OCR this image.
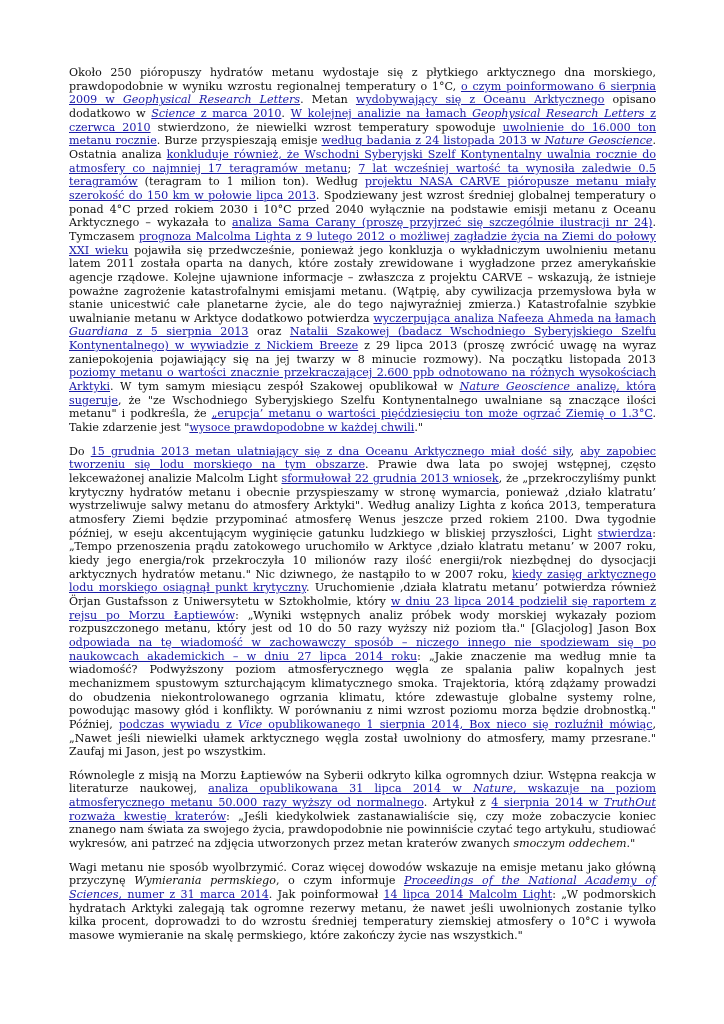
Około 250 pióropuszy hydratów metanu wydostaje się z płytkiego arktycznego dna morskiego, prawdopodobnie w wyniku wzrostu regionalnej temperatury o 1°C, o czym poinformowano 6 sierpnia 2009 w Geophysical Research Letters. Metan wydobywający się z Oceanu Arktycznego opisano dodatkowo w Science z marca 2010. W kolejnej analizie na łamach Geophysical Research Letters z czerwca 2010 stwierdzono, że niewielki wzrost temperatury spowoduje uwolnienie do 16.000 ton metanu rocznie. Burze przyspieszają emisje według badania z 24 listopada 2013 w Nature Geoscience. Ostatnia analiza konkluduje również, że Wschodni Syberyjski Szelf Kontynentalny uwalnia rocznie do atmosfery co najmniej 17 teragramów metanu; 7 lat wcześniej wartość ta wynosiła zaledwie 0.5 teragramów (teragram to 1 milion ton). Według projektu NASA CARVE pióropusze metanu miały szerokość do 150 km w połowie lipca 2013. Spodziewany jest wzrost średniej globalnej temperatury o ponad 4°C przed rokiem 2030 i 10°C przed 2040 wyłącznie na podstawie emisji metanu z Oceanu Arktycznego – wykazała to analiza Sama Carany (proszę przyjrzeć się szczególnie ilustracji nr 24). Tymczasem prognoza Malcolma Lighta z 9 lutego 2012 o możliwej zagładzie życia na Ziemi do połowy XXI wieku pojawiła się przedwcześnie, ponieważ jego konkluzja o wykładniczym uwolnieniu metanu latem 2011 została oparta na danych, które zostały zrewidowane i wygładzone przez amerykańskie agencje rządowe. Kolejne ujawnione informacje – zwłaszcza z projektu CARVE – wskazują, że istnieje poważne zagrożenie katastrofalnymi emisjami metanu. (Wątpię, aby cywilizacja przemysłowa była w stanie unicestwić całe planetarne życie, ale do tego najwyraźniej zmierza.) Katastrofalnie szybkie uwalnianie metanu w Arktyce dodatkowo potwierdza wyczerpująca analiza Nafeeza Ahmeda na łamach Guardiana z 5 sierpnia 2013 oraz Natalii Szakowej (badacz Wschodniego Syberyjskiego Szelfu Kontynentalnego) w wywiadzie z Nickiem Breeze z 29 lipca 2013 (proszę zwrócić uwagę na wyraz zaniepokojenia pojawiający się na jej twarzy w 8 minucie rozmowy). Na początku listopada 2013 poziomy metanu o wartości znacznie przekraczającej 2.600 ppb odnotowano na różnych wysokościach Arktyki. W tym samym miesiącu zespół Szakowej opublikował w Nature Geoscience analizę, która sugeruje, że "ze Wschodniego Syberyjskiego Szelfu Kontynentalnego uwalniane są znaczące ilości metanu" i podkreśla, że „erupcja’ metanu o wartości pięćdziesięciu ton może ogrzać Ziemię o 1.3°C. Takie zdarzenie jest "wysoce prawdopodobne w każdej chwili."

Do 15 grudnia 2013 metan ulatniający się z dna Oceanu Arktycznego miał dość siły, aby zapobiec tworzeniu się lodu morskiego na tym obszarze. Prawie dwa lata po swojej wstępnej, często lekceważonej analizie Malcolm Light sformułował 22 grudnia 2013 wniosek, że „przekroczyliśmy punkt krytyczny hydratów metanu i obecnie przyspieszamy w stronę wymarcia, ponieważ ‚działo klatratu’ wystrzeliwuje salwy metanu do atmosfery Arktyki". Według analizy Lighta z końca 2013, temperatura atmosfery Ziemi będzie przypominać atmosferę Wenus jeszcze przed rokiem 2100. Dwa tygodnie później, w eseju akcentującym wyginięcie gatunku ludzkiego w bliskiej przyszłości, Light stwierdza: „Tempo przenoszenia prądu zatokowego uruchomiło w Arktyce ‚działo klatratu metanu’ w 2007 roku, kiedy jego energia/rok przekroczyła 10 milionów razy ilość energii/rok niezbędnej do dysocjacji arktycznych hydratów metanu." Nic dziwnego, że nastąpiło to w 2007 roku, kiedy zasięg arktycznego lodu morskiego osiągnął punkt krytyczny. Uruchomienie ‚działa klatratu metanu’ potwierdza również Örjan Gustafsson z Uniwersytetu w Sztokholmie, który w dniu 23 lipca 2014 podzielił się raportem z rejsu po Morzu Łaptiewów: „Wyniki wstępnych analiz próbek wody morskiej wykazały poziom rozpuszczonego metanu, który jest od 10 do 50 razy wyższy niż poziom tła." [Glacjolog] Jason Box odpowiada na tę wiadomość w zachowawczy sposób – niczego innego nie spodziewam się po naukowcach akademickich – w dniu 27 lipca 2014 roku: „Jakie znaczenie ma według mnie ta wiadomość? Podwyższony poziom atmosferycznego węgla ze spalania paliw kopalnych jest mechanizmem spustowym szturchającym klimatycznego smoka. Trajektoria, którą zdążamy prowadzi do obudzenia niekontrolowanego ogrzania klimatu, które zdewastuje globalne systemy rolne, powodując masowy głód i konflikty. W porównaniu z nimi wzrost poziomu morza będzie drobnostką." Później, podczas wywiadu z Vice opublikowanego 1 sierpnia 2014, Box nieco się rozluźnił mówiąc, „Nawet jeśli niewielki ułamek arktycznego węgla został uwolniony do atmosfery, mamy przesrane." Zaufaj mi Jason, jest po wszystkim.

Równolegle z misją na Morzu Łaptiewów na Syberii odkryto kilka ogromnych dziur. Wstępna reakcja w literaturze naukowej, analiza opublikowana 31 lipca 2014 w Nature, wskazuje na poziom atmosferycznego metanu 50.000 razy wyższy od normalnego. Artykuł z 4 sierpnia 2014 w TruthOut rozważa kwestię kraterów: „Jeśli kiedykolwiek zastanawialiście się, czy może zobaczycie koniec znanego nam świata za swojego życia, prawdopodobnie nie powinniście czytać tego artykułu, studiować wykresów, ani patrzeć na zdjęcia utworzonych przez metan kraterów zwanych smoczym oddechem."

Wagi metanu nie sposób wyolbrzymić. Coraz więcej dowodów wskazuje na emisje metanu jako główną przyczynę Wymierania permskiego, o czym informuje Proceedings of the National Academy of Sciences, numer z 31 marca 2014. Jak poinformował 14 lipca 2014 Malcolm Light: „W podmorskich hydratach Arktyki zalegają tak ogromne rezerwy metanu, że nawet jeśli uwolnionych zostanie tylko kilka procent, doprowadzi to do wzrostu średniej temperatury ziemskiej atmosfery o 10°C i wywoła masowe wymieranie na skalę permskiego, które zakończy życie nas wszystkich."
